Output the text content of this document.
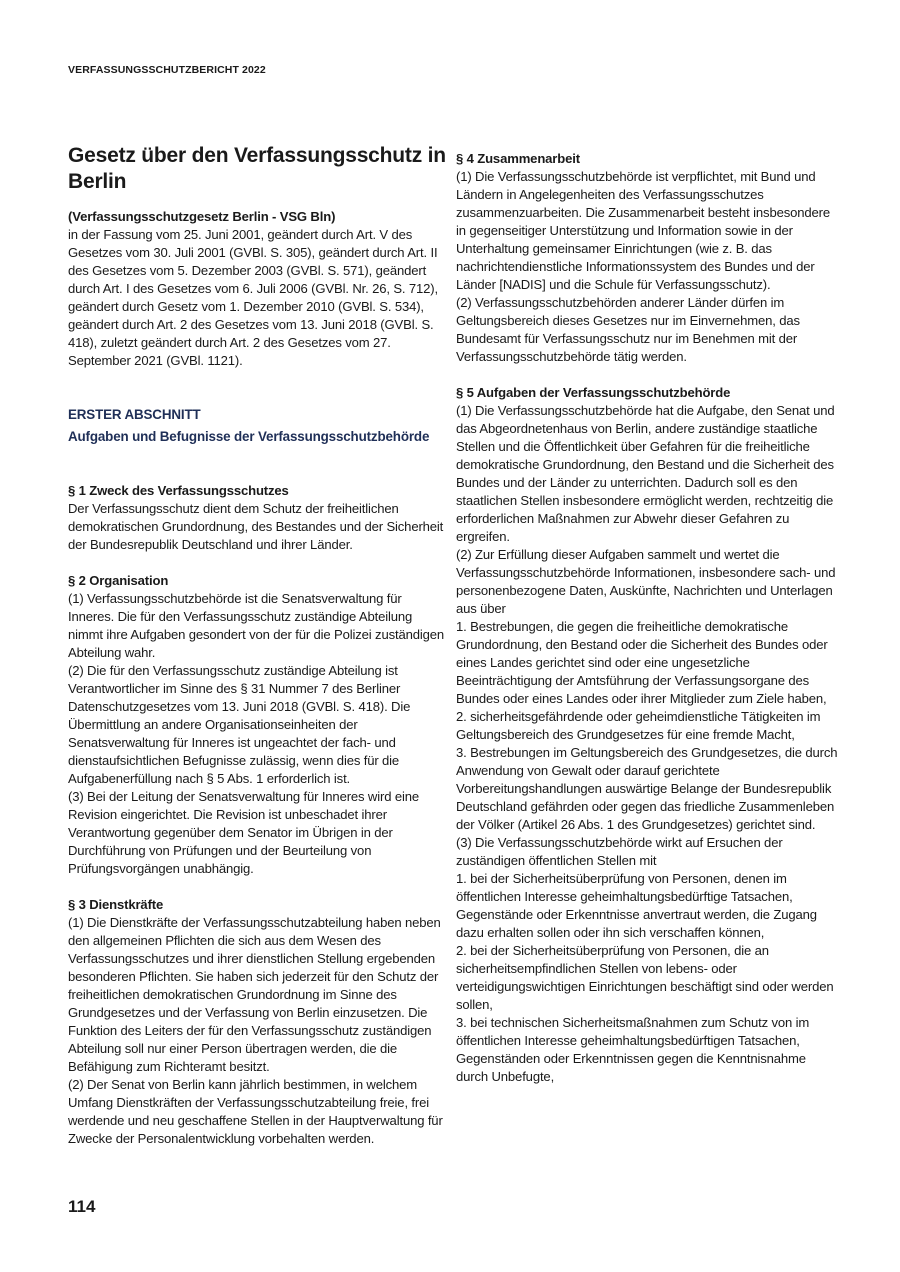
VERFASSUNGSSCHUTZBERICHT 2022
Gesetz über den Verfassungsschutz in Berlin

(Verfassungsschutzgesetz Berlin - VSG Bln)

in der Fassung vom 25. Juni 2001, geändert durch Art. V des Gesetzes vom 30. Juli 2001 (GVBl. S. 305), geändert durch Art. II des Gesetzes vom 5. Dezember 2003 (GVBl. S. 571), geändert durch Art. I des Gesetzes vom 6. Juli 2006 (GVBl. Nr. 26, S. 712), geändert durch Gesetz vom 1. Dezember 2010 (GVBl. S. 534), geändert durch Art. 2 des Gesetzes vom 13. Juni 2018 (GVBl. S. 418), zuletzt geändert durch Art. 2 des Gesetzes vom 27. September 2021 (GVBl. 1121).

ERSTER ABSCHNITT
Aufgaben und Befugnisse der Verfassungsschutzbehörde

§ 1 Zweck des Verfassungsschutzes

Der Verfassungsschutz dient dem Schutz der freiheitlichen demokratischen Grundordnung, des Bestandes und der Sicherheit der Bundesrepublik Deutschland und ihrer Länder.

§ 2 Organisation

(1) Verfassungsschutzbehörde ist die Senatsverwaltung für Inneres. Die für den Verfassungsschutz zuständige Abteilung nimmt ihre Aufgaben gesondert von der für die Polizei zuständigen Abteilung wahr.

(2) Die für den Verfassungsschutz zuständige Abteilung ist Verantwortlicher im Sinne des § 31 Nummer 7 des Berliner Datenschutzgesetzes vom 13. Juni 2018 (GVBl. S. 418). Die Übermittlung an andere Organisationseinheiten der Senatsverwaltung für Inneres ist ungeachtet der fach- und dienstaufsichtlichen Befugnisse zulässig, wenn dies für die Aufgabenerfüllung nach § 5 Abs. 1 erforderlich ist.

(3) Bei der Leitung der Senatsverwaltung für Inneres wird eine Revision eingerichtet. Die Revision ist unbeschadet ihrer Verantwortung gegenüber dem Senator im Übrigen in der Durchführung von Prüfungen und der Beurteilung von Prüfungsvorgängen unabhängig.

§ 3 Dienstkräfte

(1) Die Dienstkräfte der Verfassungsschutzabteilung haben neben den allgemeinen Pflichten die sich aus dem Wesen des Verfassungsschutzes und ihrer dienstlichen Stellung ergebenden besonderen Pflichten. Sie haben sich jederzeit für den Schutz der freiheitlichen demokratischen Grundordnung im Sinne des Grundgesetzes und der Verfassung von Berlin einzusetzen. Die Funktion des Leiters der für den Verfassungsschutz zuständigen Abteilung soll nur einer Person übertragen werden, die die Befähigung zum Richteramt besitzt.

(2) Der Senat von Berlin kann jährlich bestimmen, in welchem Umfang Dienstkräften der Verfassungsschutzabteilung freie, frei werdende und neu geschaffene Stellen in der Hauptverwaltung für Zwecke der Personalentwicklung vorbehalten werden.

§ 4 Zusammenarbeit

(1) Die Verfassungsschutzbehörde ist verpflichtet, mit Bund und Ländern in Angelegenheiten des Verfassungsschutzes zusammenzuarbeiten. Die Zusammenarbeit besteht insbesondere in gegenseitiger Unterstützung und Information sowie in der Unterhaltung gemeinsamer Einrichtungen (wie z. B. das nachrichtendienstliche Informationssystem des Bundes und der Länder [NADIS] und die Schule für Verfassungsschutz).

(2) Verfassungsschutzbehörden anderer Länder dürfen im Geltungsbereich dieses Gesetzes nur im Einvernehmen, das Bundesamt für Verfassungsschutz nur im Benehmen mit der Verfassungsschutzbehörde tätig werden.

§ 5 Aufgaben der Verfassungsschutzbehörde

(1) Die Verfassungsschutzbehörde hat die Aufgabe, den Senat und das Abgeordnetenhaus von Berlin, andere zuständige staatliche Stellen und die Öffentlichkeit über Gefahren für die freiheitliche demokratische Grundordnung, den Bestand und die Sicherheit des Bundes und der Länder zu unterrichten. Dadurch soll es den staatlichen Stellen insbesondere ermöglicht werden, rechtzeitig die erforderlichen Maßnahmen zur Abwehr dieser Gefahren zu ergreifen.

(2) Zur Erfüllung dieser Aufgaben sammelt und wertet die Verfassungsschutzbehörde Informationen, insbesondere sach- und personenbezogene Daten, Auskünfte, Nachrichten und Unterlagen aus über

1. Bestrebungen, die gegen die freiheitliche demokratische Grundordnung, den Bestand oder die Sicherheit des Bundes oder eines Landes gerichtet sind oder eine ungesetzliche Beeinträchtigung der Amtsführung der Verfassungsorgane des Bundes oder eines Landes oder ihrer Mitglieder zum Ziele haben,

2. sicherheitsgefährdende oder geheimdienstliche Tätigkeiten im Geltungsbereich des Grundgesetzes für eine fremde Macht,

3. Bestrebungen im Geltungsbereich des Grundgesetzes, die durch Anwendung von Gewalt oder darauf gerichtete Vorbereitungshandlungen auswärtige Belange der Bundesrepublik Deutschland gefährden oder gegen das friedliche Zusammenleben der Völker (Artikel 26 Abs. 1 des Grundgesetzes) gerichtet sind.

(3) Die Verfassungsschutzbehörde wirkt auf Ersuchen der zuständigen öffentlichen Stellen mit

1. bei der Sicherheitsüberprüfung von Personen, denen im öffentlichen Interesse geheimhaltungsbedürftige Tatsachen, Gegenstände oder Erkenntnisse anvertraut werden, die Zugang dazu erhalten sollen oder ihn sich verschaffen können,

2. bei der Sicherheitsüberprüfung von Personen, die an sicherheitsempfindlichen Stellen von lebens- oder verteidigungswichtigen Einrichtungen beschäftigt sind oder werden sollen,

3. bei technischen Sicherheitsmaßnahmen zum Schutz von im öffentlichen Interesse geheimhaltungsbedürftigen Tatsachen, Gegenständen oder Erkenntnissen gegen die Kenntnisnahme durch Unbefugte,

114
